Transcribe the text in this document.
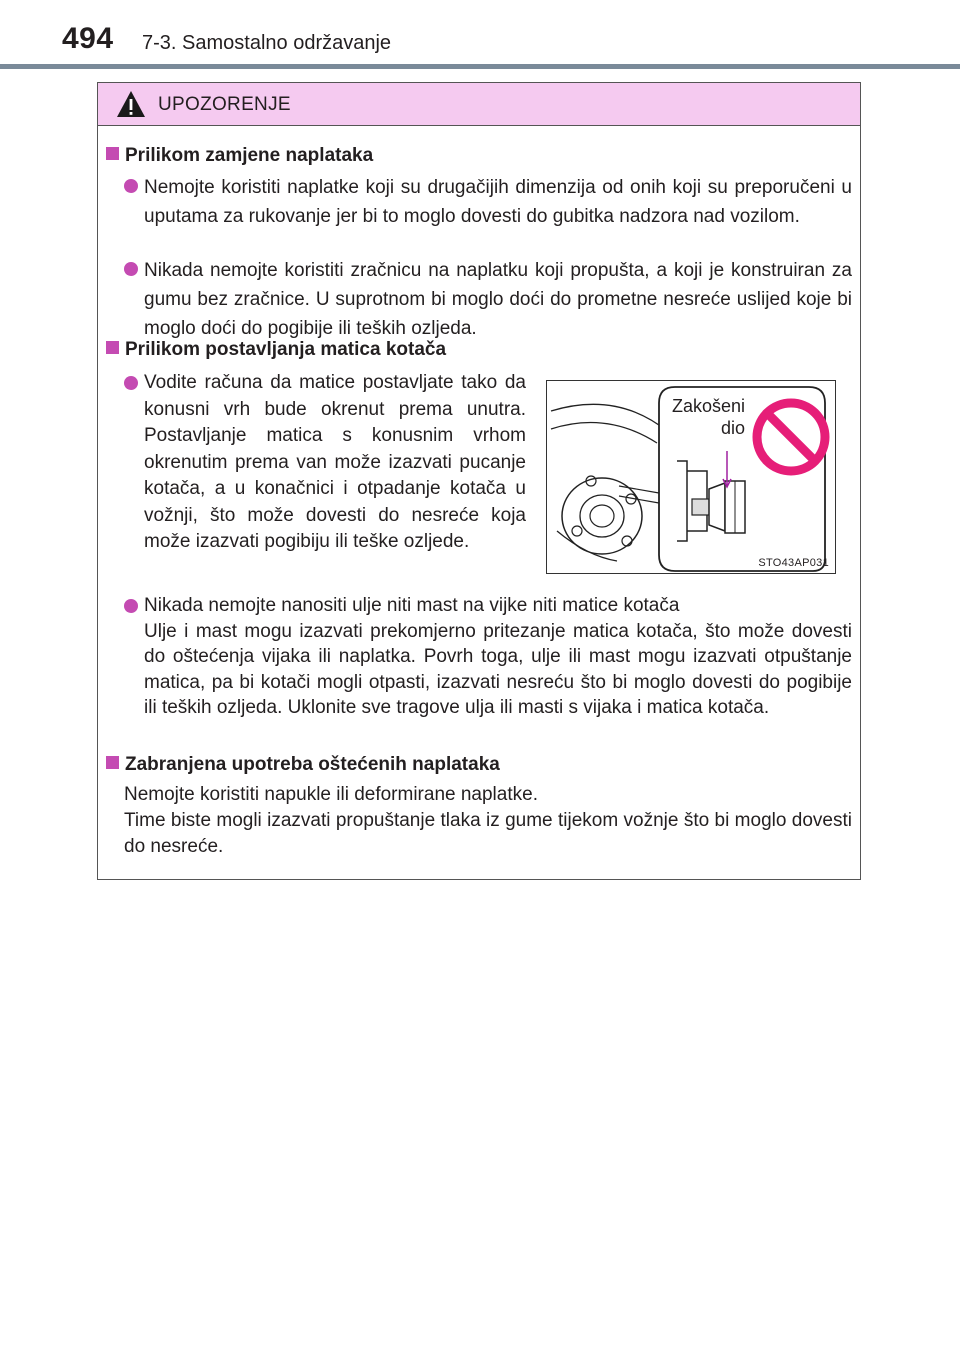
494 7-3. Samostalno održavanje
UPOZORENJE
Prilikom zamjene naplataka
Nemojte koristiti naplatke koji su drugačijih dimenzija od onih koji su preporučeni u uputama za rukovanje jer bi to moglo dovesti do gubitka nadzora nad vozilom.
Nikada nemojte koristiti zračnicu na naplatku koji propušta, a koji je konstruiran za gumu bez zračnice. U suprotnom bi moglo doći do prometne nesreće uslijed koje bi moglo doći do pogibije ili teških ozljeda.
Prilikom postavljanja matica kotača
Vodite računa da matice postavljate tako da konusni vrh bude okrenut prema unutra. Postavljanje matica s konusnim vrhom okrenutim prema van može izazvati pucanje kotača, a u konačnici i otpadanje kotača u vožnji, što može dovesti do nesreće koja može izazvati pogibiju ili teške ozljede.
Zakošeni
dio
STO43AP031
Nikada nemojte nanositi ulje niti mast na vijke niti matice kotača
Ulje i mast mogu izazvati prekomjerno pritezanje matica kotača, što može dovesti do oštećenja vijaka ili naplatka. Povrh toga, ulje ili mast mogu izazvati otpuštanje matica, pa bi kotači mogli otpasti, izazvati nesreću što bi moglo dovesti do pogibije ili teških ozljeda. Uklonite sve tragove ulja ili masti s vijaka i matica kotača.
Zabranjena upotreba oštećenih naplataka
Nemojte koristiti napukle ili deformirane naplatke.
Time biste mogli izazvati propuštanje tlaka iz gume tijekom vožnje što bi moglo dovesti do nesreće.
